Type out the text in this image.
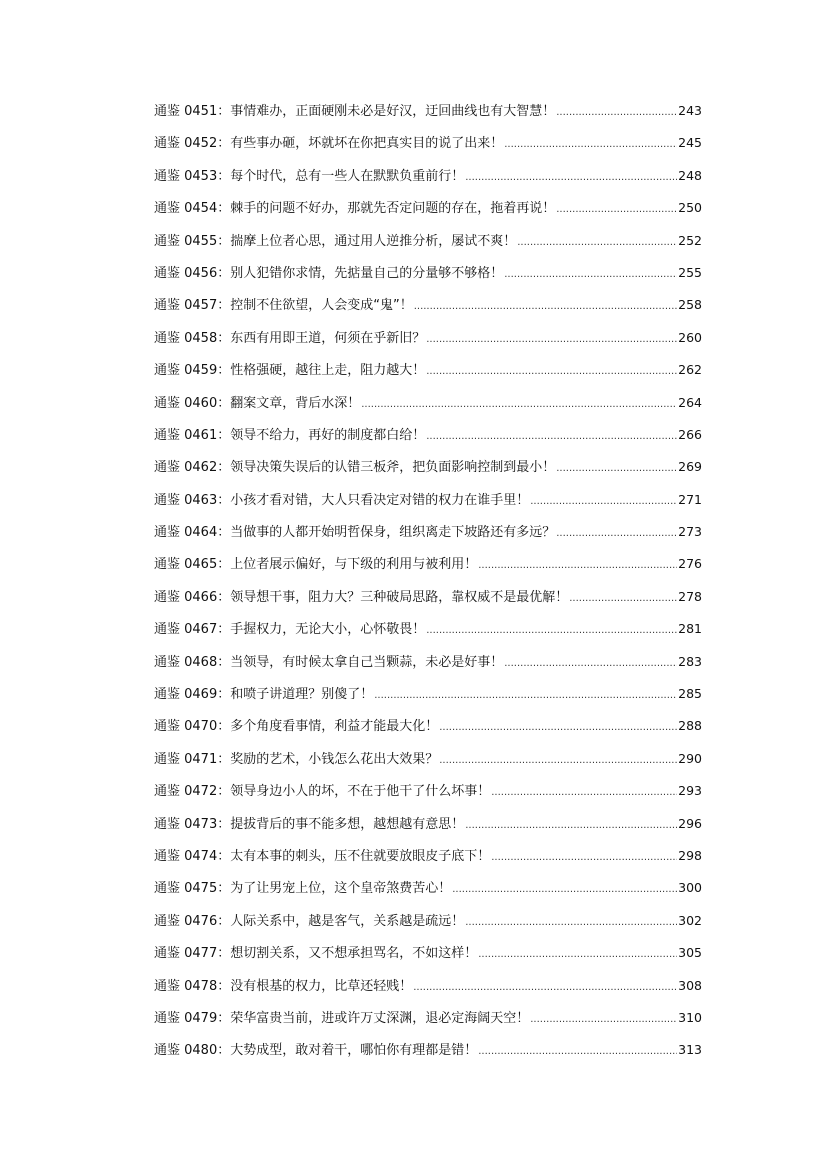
通鉴 0451 ： 事情难办，正面硬刚未必是好汉，迂回曲线也有大智慧！ .....	243
通鉴 0452 ： 有些事办砸，坏就坏在你把真实目的说了出来！ .....	245
通鉴 0453 ： 每个时代，总有一些人在默默负重前行！ .....	248
通鉴 0454 ： 棘手的问题不好办，那就先否定问题的存在，拖着再说！ .....	250
通鉴 0455 ： 揣摩上位者心思，通过用人逆推分析，屡试不爽！ .....	252
通鉴 0456 ： 别人犯错你求情，先掂量自己的分量够不够格！ .....	255
通鉴 0457 ： 控制不住欲望，人会变成“鬼”！ .....	258
通鉴 0458 ： 东西有用即王道，何须在乎新旧？ .....	260
通鉴 0459 ： 性格强硬，越往上走，阻力越大！ .....	262
通鉴 0460 ： 翻案文章，背后水深！ .....	264
通鉴 0461 ： 领导不给力，再好的制度都白给！ .....	266
通鉴 0462 ： 领导决策失误后的认错三板斧，把负面影响控制到最小！ .....	269
通鉴 0463 ： 小孩才看对错，大人只看决定对错的权力在谁手里！ .....	271
通鉴 0464 ： 当做事的人都开始明哲保身，组织离走下坡路还有多远？ .....	273
通鉴 0465 ： 上位者展示偏好，与下级的利用与被利用！ .....	276
通鉴 0466 ： 领导想干事，阻力大？三种破局思路，靠权威不是最优解！ .....	278
通鉴 0467 ： 手握权力，无论大小，心怀敬畏！ .....	281
通鉴 0468 ： 当领导，有时候太拿自己当颗蒜，未必是好事！ .....	283
通鉴 0469 ： 和喷子讲道理？别傻了！ .....	285
通鉴 0470 ： 多个角度看事情，利益才能最大化！ .....	288
通鉴 0471 ： 奖励的艺术，小钱怎么花出大效果？ .....	290
通鉴 0472 ： 领导身边小人的坏，不在于他干了什么坏事！ .....	293
通鉴 0473 ： 提拔背后的事不能多想，越想越有意思！ .....	296
通鉴 0474 ： 太有本事的刺头，压不住就要放眼皮子底下！ .....	298
通鉴 0475 ： 为了让男宠上位，这个皇帝煞费苦心！ .....	300
通鉴 0476 ： 人际关系中，越是客气，关系越是疏远！ .....	302
通鉴 0477 ： 想切割关系，又不想承担骂名，不如这样！ .....	305
通鉴 0478 ： 没有根基的权力，比草还轻贱！ .....	308
通鉴 0479 ： 荣华富贵当前，进或许万丈深渊，退必定海阔天空！ .....	310
通鉴 0480 ： 大势成型，敢对着干，哪怕你有理都是错！ .....	313
